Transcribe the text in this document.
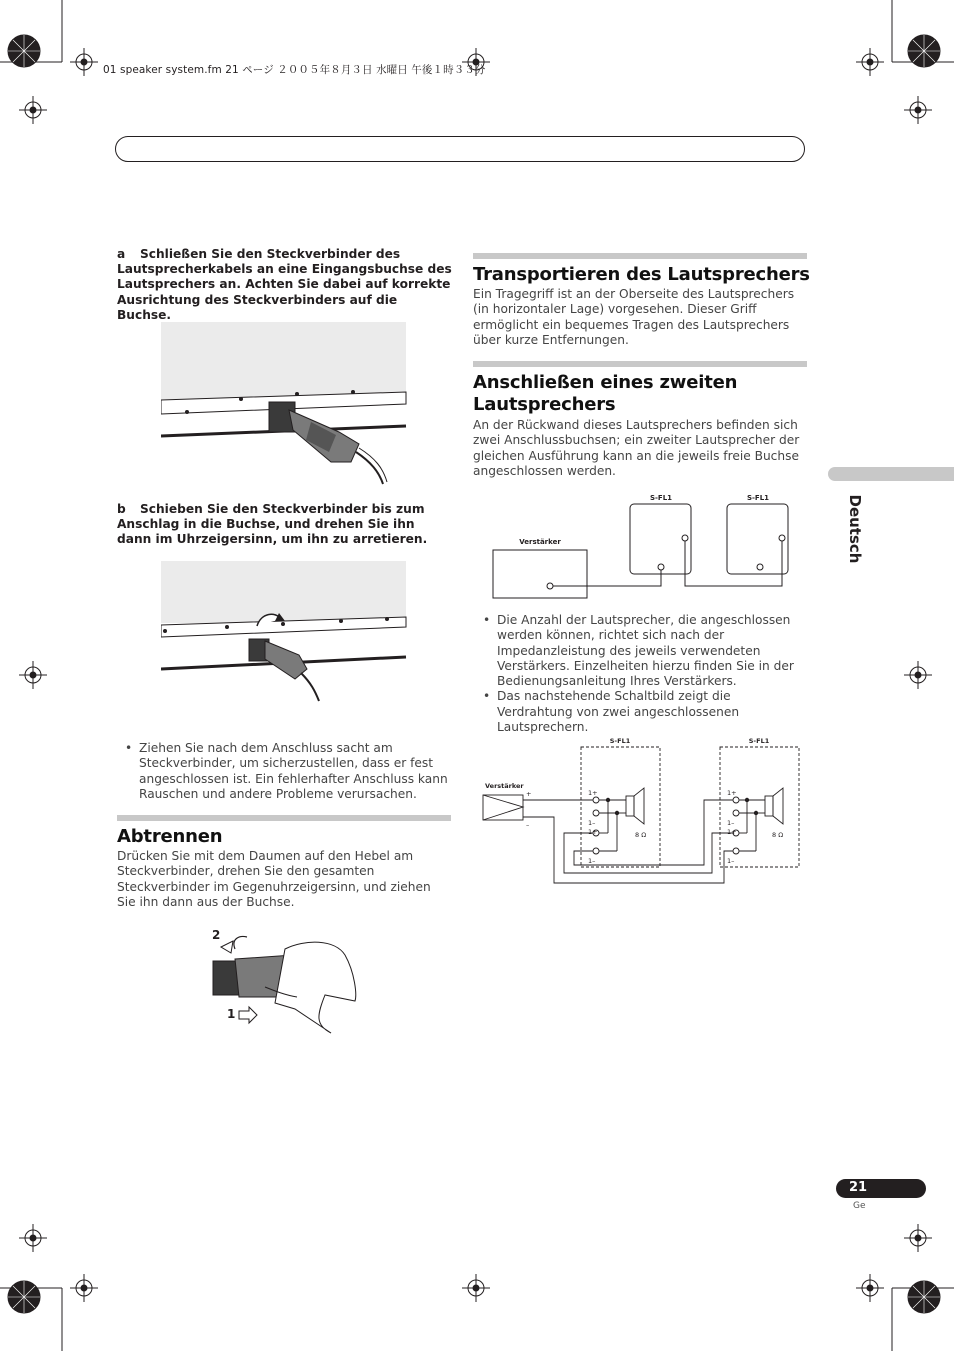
01 speaker system.fm 21 ページ ２００５年８月３日 水曜日 午後１時３３分
a Schließen Sie den Steckverbinder des Lautsprecherkabels an eine Eingangsbuchse des Lautsprechers an. Achten Sie dabei auf korrekte Ausrichtung des Steckverbinders auf die Buchse.
b Schieben Sie den Steckverbinder bis zum Anschlag in die Buchse, und drehen Sie ihn dann im Uhrzeigersinn, um ihn zu arretieren.
• Ziehen Sie nach dem Anschluss sacht am Steckverbinder, um sicherzustellen, dass er fest angeschlossen ist. Ein fehlerhafter Anschluss kann Rauschen und andere Probleme verursachen.
Abtrennen
Drücken Sie mit dem Daumen auf den Hebel am Steckverbinder, drehen Sie den gesamten Steckverbinder im Gegenuhrzeigersinn, und ziehen Sie ihn dann aus der Buchse.
2
1
Transportieren des Lautsprechers
Ein Tragegriff ist an der Oberseite des Lautsprechers (in horizontaler Lage) vorgesehen. Dieser Griff ermöglicht ein bequemes Tragen des Lautsprechers über kurze Entfernungen.
Anschließen eines zweiten
Lautsprechers
An der Rückwand dieses Lautsprechers befinden sich zwei Anschlussbuchsen; ein zweiter Lautsprecher der gleichen Ausführung kann an die jeweils freie Buchse angeschlossen werden.
Verstärker
S-FL1	S-FL1
• Die Anzahl der Lautsprecher, die angeschlossen werden können, richtet sich nach der Impedanzleistung des jeweils verwendeten Verstärkers. Einzelheiten hierzu finden Sie in der Bedienungsanleitung Ihres Verstärkers.
• Das nachstehende Schaltbild zeigt die Verdrahtung von zwei angeschlossenen Lautsprechern.
Verstärker
+
–
S-FL1	S-FL1
1+
1–
1+
1–
8 Ω
1+
1–
1+
1–
8 Ω
Deutsch
21
Ge
